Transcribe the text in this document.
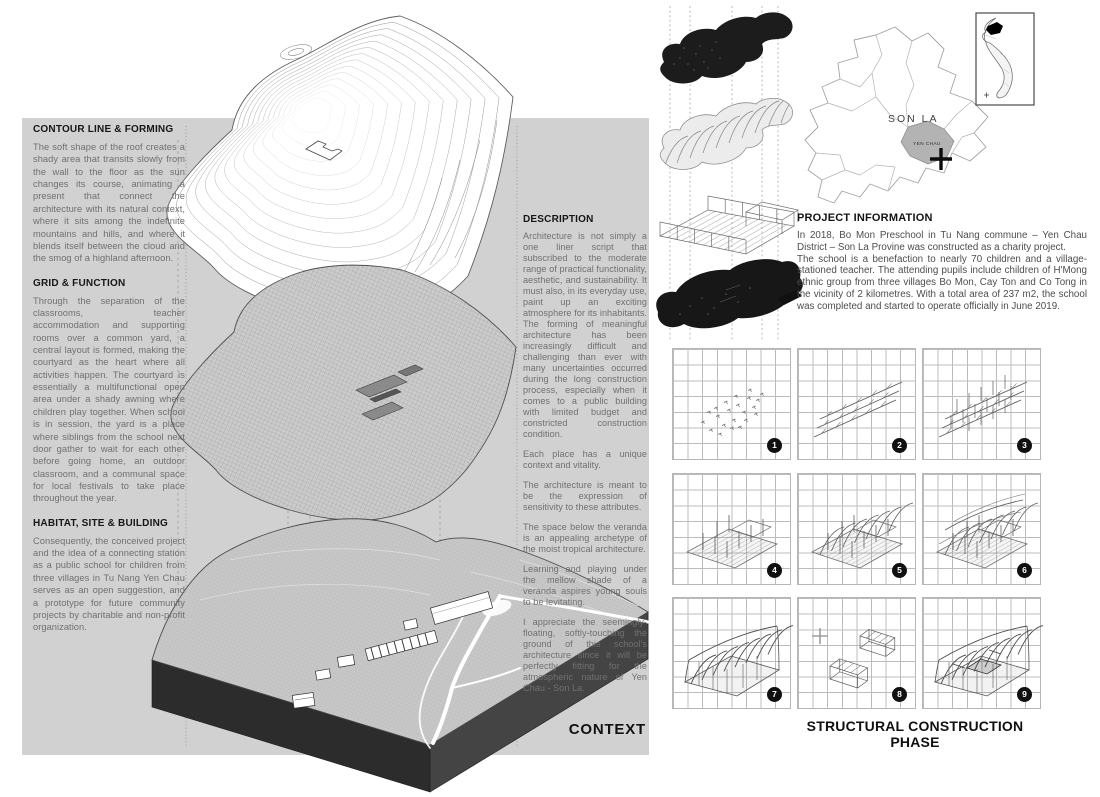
CONTOUR LINE & FORMING

The soft shape of the roof creates a shady area that transits slowly from the wall to the floor as the sun changes its course, animating a present that connect the architecture with its natural context, where it sits among the indefinite mountains and hills, and where it blends itself between the cloud and the smog of a highland afternoon.

GRID & FUNCTION

Through the separation of the classrooms, teacher accommodation and supporting rooms over a common yard, a central layout is formed, making the courtyard as the heart where all activities happen. The courtyard is essentially a multifunctional open area under a shady awning where children play together. When school is in session, the yard is a place where siblings from the school next door gather to wait for each other before going home, an outdoor classroom, and a communal space for local festivals to take place throughout the year.

HABITAT, SITE & BUILDING

Consequently, the conceived project and the idea of a connecting station as a public school for children from three villages in Tu Nang Yen Chau serves as an open suggestion, and a prototype for future community projects by charitable and non-profit organization.

DESCRIPTION

Architecture is not simply a one liner script that subscribed to the moderate range of practical functionality, aesthetic, and sustainability. It must also, in its everyday use, paint up an exciting atmosphere for its inhabitants. The forming of meaningful architecture has been increasingly difficult and challenging than ever with many uncertainties occurred during the long construction process, especially when it comes to a public building with limited budget and constricted construction condition.

Each place has a unique context and vitality.

The architecture is meant to be the expression of sensitivity to these attributes.

The space below the veranda is an appealing archetype of the moist tropical architecture.

Learning and playing under the mellow shade of a veranda aspires young souls to be levitating.

I appreciate the seemingly-floating, softly-touching the ground of this school's architecture since it will be perfectly fitting for the atmospheric nature of Yen Chau - Son La.

CONTEXT
SON LA
YEN CHAU
PROJECT INFORMATION

In 2018, Bo Mon Preschool in Tu Nang commune – Yen Chau District – Son La Provine was constructed as a charity project.

The school is a benefaction to nearly 70 children and a village-stationed teacher. The attending pupils include children of H'Mong ethnic group from three villages Bo Mon, Cay Ton and Co Tong in the vicinity of 2 kilometres. With a total area of 237 m2, the school was completed and started to operate officially in June 2019.

1	2	3
4	5	6
7	8	9
STRUCTURAL CONSTRUCTION PHASE
